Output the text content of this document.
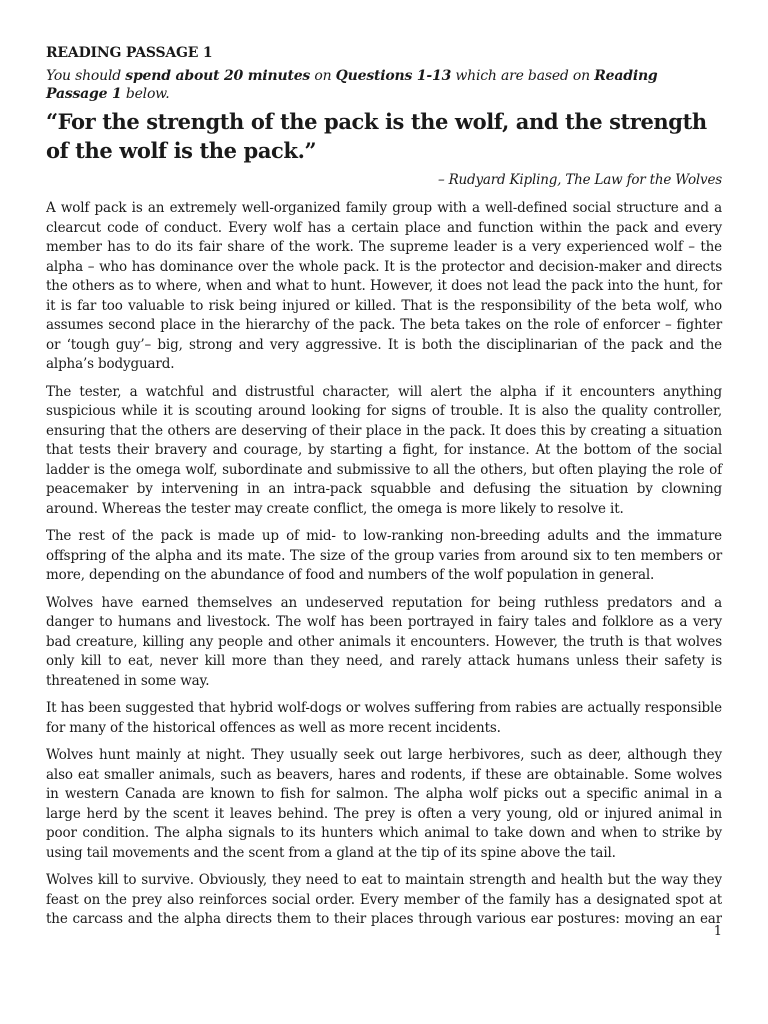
READING PASSAGE 1
You should spend about 20 minutes on Questions 1-13 which are based on Reading Passage 1 below.
“For the strength of the pack is the wolf, and the strength of the wolf is the pack.”
– Rudyard Kipling, The Law for the Wolves

A wolf pack is an extremely well-organized family group with a well-defined social structure and a clearcut code of conduct. Every wolf has a certain place and function within the pack and every member has to do its fair share of the work. The supreme leader is a very experienced wolf – the alpha – who has dominance over the whole pack. It is the protector and decision-maker and directs the others as to where, when and what to hunt. However, it does not lead the pack into the hunt, for it is far too valuable to risk being injured or killed. That is the responsibility of the beta wolf, who assumes second place in the hierarchy of the pack. The beta takes on the role of enforcer – fighter or ‘tough guy’– big, strong and very aggressive. It is both the disciplinarian of the pack and the alpha’s bodyguard.

The tester, a watchful and distrustful character, will alert the alpha if it encounters anything suspicious while it is scouting around looking for signs of trouble. It is also the quality controller, ensuring that the others are deserving of their place in the pack. It does this by creating a situation that tests their bravery and courage, by starting a fight, for instance. At the bottom of the social ladder is the omega wolf, subordinate and submissive to all the others, but often playing the role of peacemaker by intervening in an intra-pack squabble and defusing the situation by clowning around. Whereas the tester may create conflict, the omega is more likely to resolve it.

The rest of the pack is made up of mid- to low-ranking non-breeding adults and the immature offspring of the alpha and its mate. The size of the group varies from around six to ten members or more, depending on the abundance of food and numbers of the wolf population in general.

Wolves have earned themselves an undeserved reputation for being ruthless predators and a danger to humans and livestock. The wolf has been portrayed in fairy tales and folklore as a very bad creature, killing any people and other animals it encounters. However, the truth is that wolves only kill to eat, never kill more than they need, and rarely attack humans unless their safety is threatened in some way.

It has been suggested that hybrid wolf-dogs or wolves suffering from rabies are actually responsible for many of the historical offences as well as more recent incidents.

Wolves hunt mainly at night. They usually seek out large herbivores, such as deer, although they also eat smaller animals, such as beavers, hares and rodents, if these are obtainable. Some wolves in western Canada are known to fish for salmon. The alpha wolf picks out a specific animal in a large herd by the scent it leaves behind. The prey is often a very young, old or injured animal in poor condition. The alpha signals to its hunters which animal to take down and when to strike by using tail movements and the scent from a gland at the tip of its spine above the tail.

Wolves kill to survive. Obviously, they need to eat to maintain strength and health but the way they feast on the prey also reinforces social order. Every member of the family has a designated spot at the carcass and the alpha directs them to their places through various ear postures: moving an ear

1
